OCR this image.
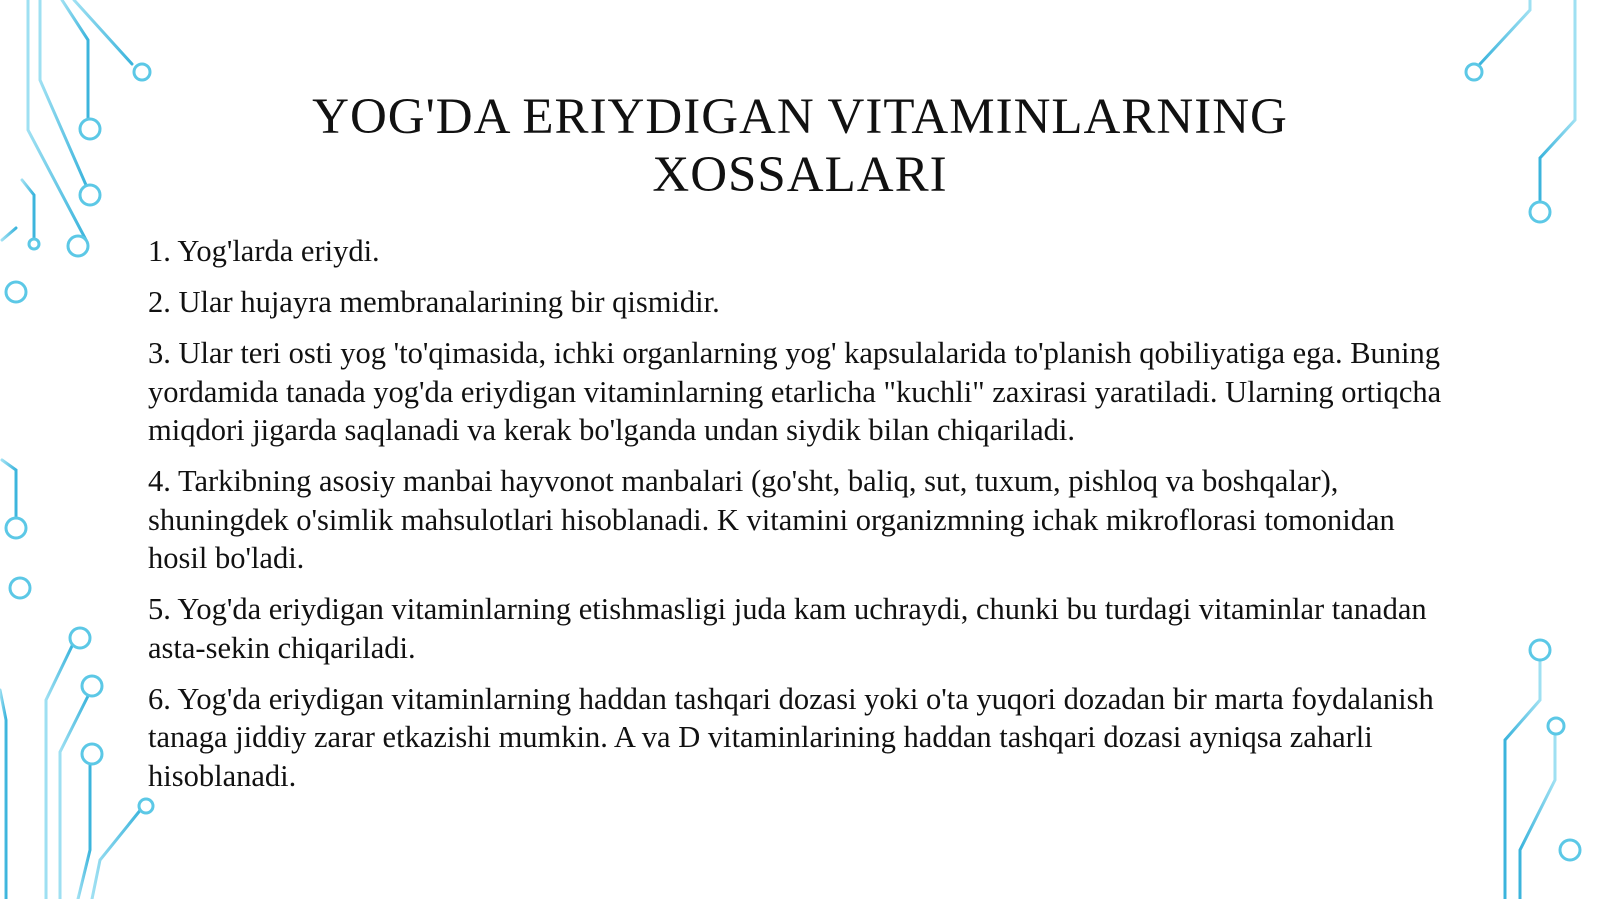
YOG'DA ERIYDIGAN VITAMINLARNING
XOSSALARI

1. Yog'larda eriydi.

2. Ular hujayra membranalarining bir qismidir.

3. Ular teri osti yog 'to'qimasida, ichki organlarning yog' kapsulalarida to'planish qobiliyatiga ega. Buning yordamida tanada yog'da eriydigan vitaminlarning etarlicha "kuchli" zaxirasi yaratiladi. Ularning ortiqcha miqdori jigarda saqlanadi va kerak bo'lganda undan siydik bilan chiqariladi.

4. Tarkibning asosiy manbai hayvonot manbalari (go'sht, baliq, sut, tuxum, pishloq va boshqalar), shuningdek o'simlik mahsulotlari hisoblanadi. K vitamini organizmning ichak mikroflorasi tomonidan hosil bo'ladi.

5. Yog'da eriydigan vitaminlarning etishmasligi juda kam uchraydi, chunki bu turdagi vitaminlar tanadan asta-sekin chiqariladi.

6. Yog'da eriydigan vitaminlarning haddan tashqari dozasi yoki o'ta yuqori dozadan bir marta foydalanish tanaga jiddiy zarar etkazishi mumkin. A va D vitaminlarining haddan tashqari dozasi ayniqsa zaharli hisoblanadi.
